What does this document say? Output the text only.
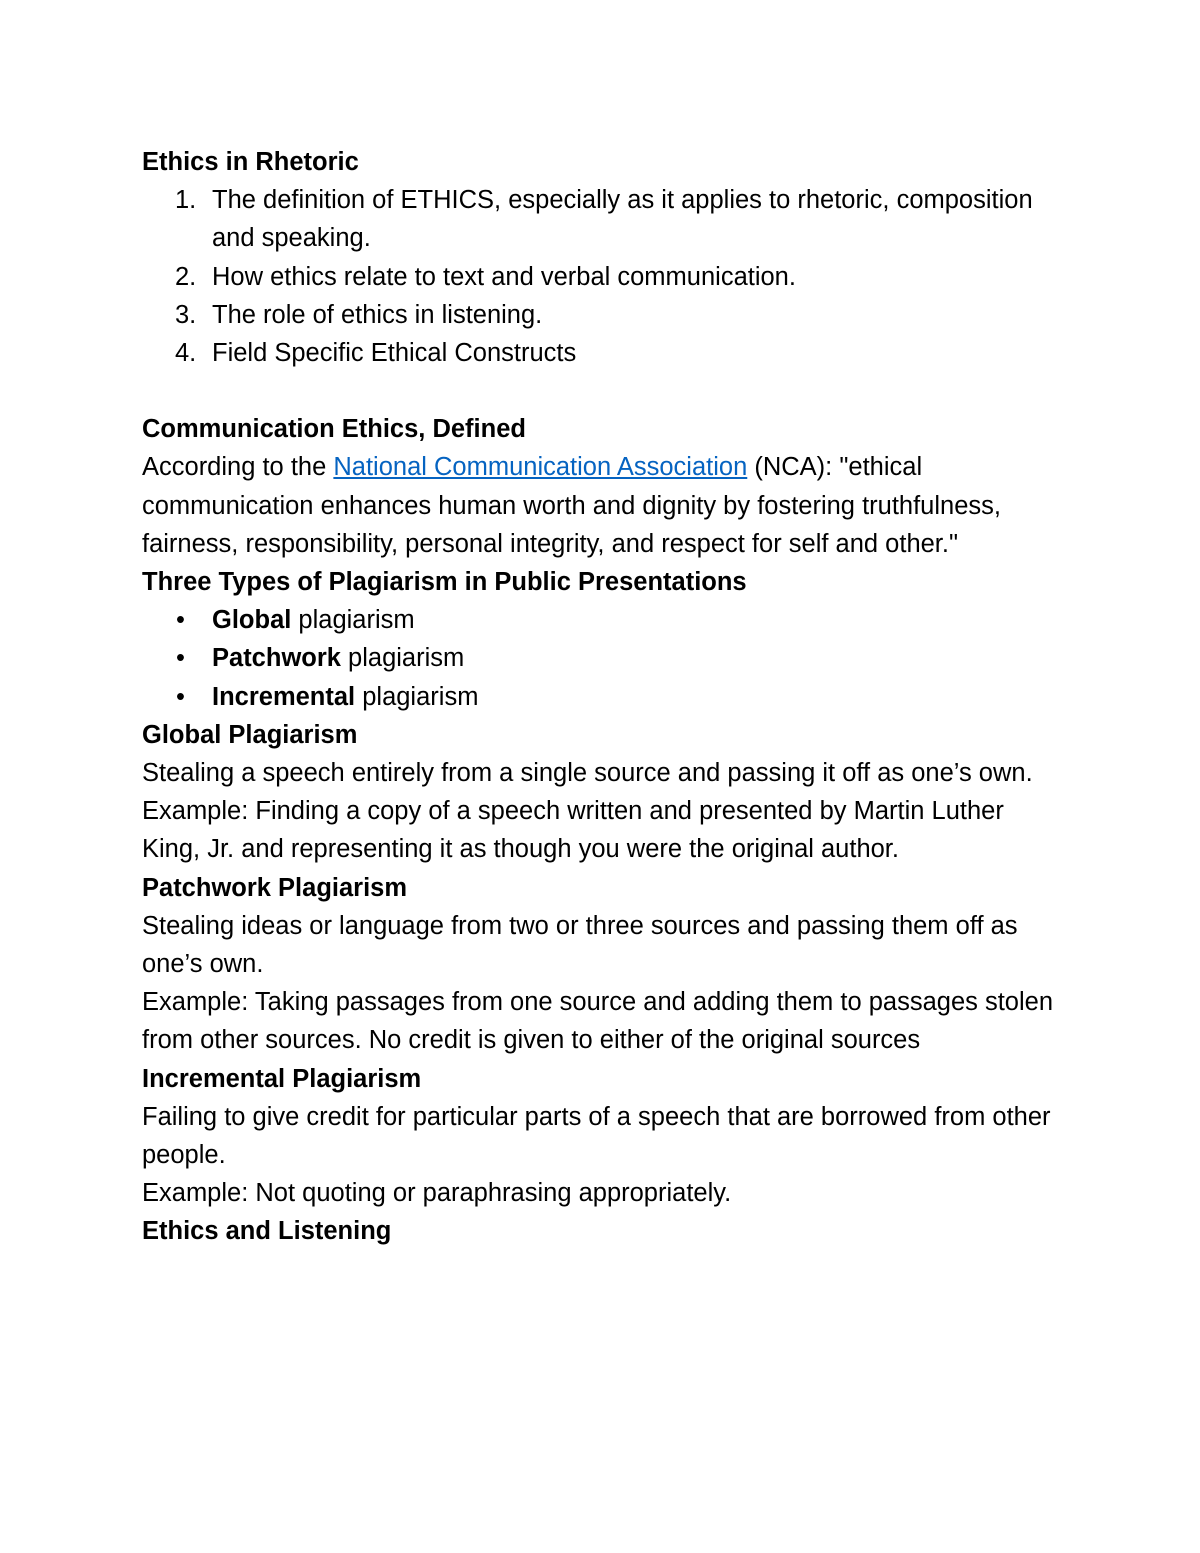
Ethics in Rhetoric

1. The definition of ETHICS, especially as it applies to rhetoric, composition and speaking.
2. How ethics relate to text and verbal communication.
3. The role of ethics in listening.
4. Field Specific Ethical Constructs

Communication Ethics, Defined

According to the National Communication Association (NCA): "ethical communication enhances human worth and dignity by fostering truthfulness, fairness, responsibility, personal integrity, and respect for self and other."

Three Types of Plagiarism in Public Presentations

• Global plagiarism
• Patchwork plagiarism
• Incremental plagiarism

Global Plagiarism

Stealing a speech entirely from a single source and passing it off as one’s own.

Example: Finding a copy of a speech written and presented by Martin Luther King, Jr. and representing it as though you were the original author.

Patchwork Plagiarism

Stealing ideas or language from two or three sources and passing them off as one’s own.

Example: Taking passages from one source and adding them to passages stolen from other sources. No credit is given to either of the original sources

Incremental Plagiarism

Failing to give credit for particular parts of a speech that are borrowed from other people.

Example: Not quoting or paraphrasing appropriately.

Ethics and Listening
